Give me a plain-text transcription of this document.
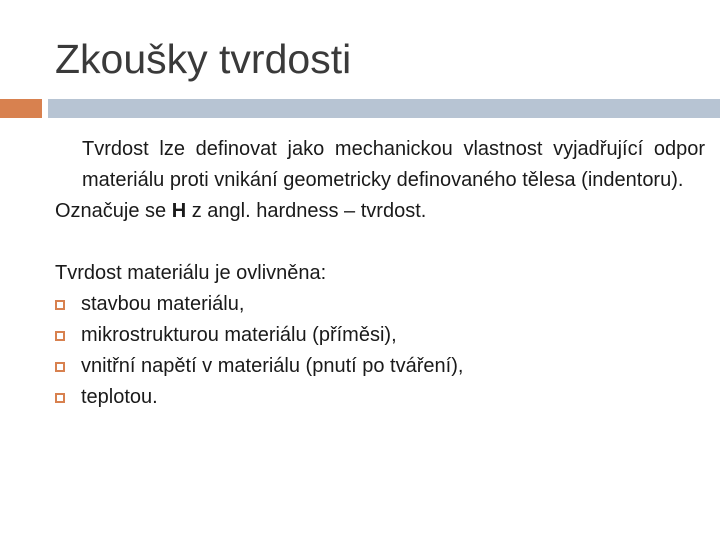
Zkoušky tvrdosti

Tvrdost lze definovat jako mechanickou vlastnost vyjadřující odpor materiálu proti vnikání geometricky definovaného tělesa (indentoru).

Označuje se H z angl. hardness – tvrdost.

Tvrdost materiálu je ovlivněna:

stavbou materiálu,
mikrostrukturou materiálu (příměsi),
vnitřní napětí v materiálu (pnutí po tváření),
teplotou.
